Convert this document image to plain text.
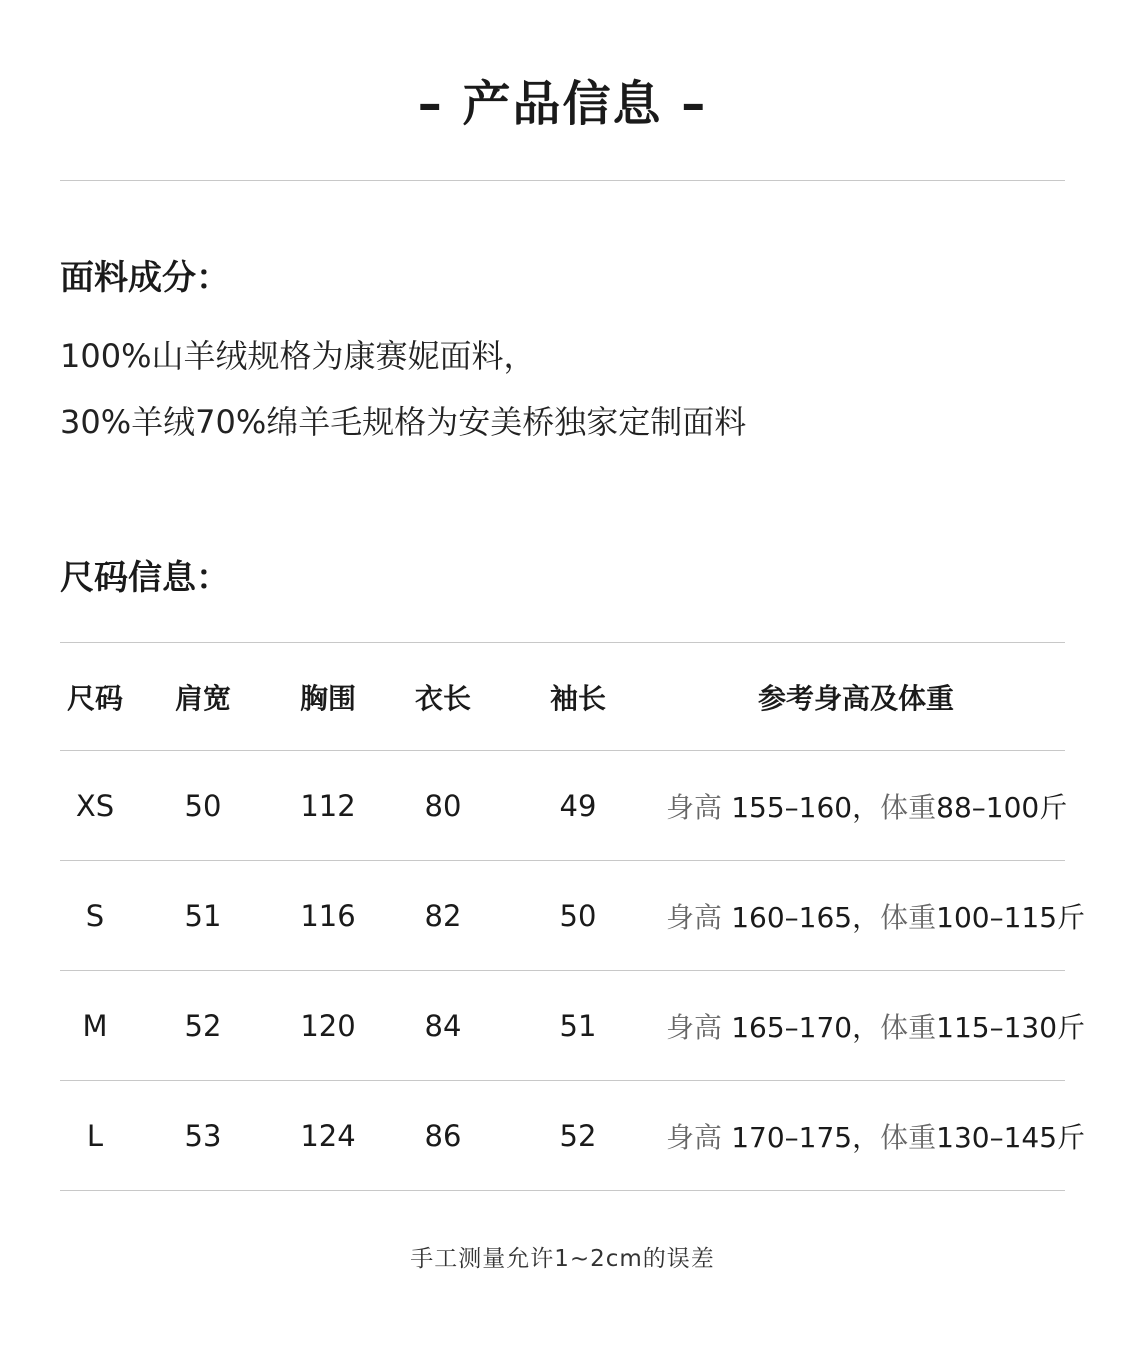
– 产品信息 –
面料成分：
100%山羊绒规格为康赛妮面料，
30%羊绒70%绵羊毛规格为安美桥独家定制面料
尺码信息：
尺码	肩宽	胸围	衣长	袖长	参考身高及体重
XS	50	112	80	49	身高
155–160， 体重 88–100斤
S	51	116	82	50	身高
160–165， 体重 100–115斤
M	52	120	84	51	身高
165–170， 体重 115–130斤
L	53	124	86	52	身高
170–175， 体重 130–145斤
手工测量允许1~2cm的误差
